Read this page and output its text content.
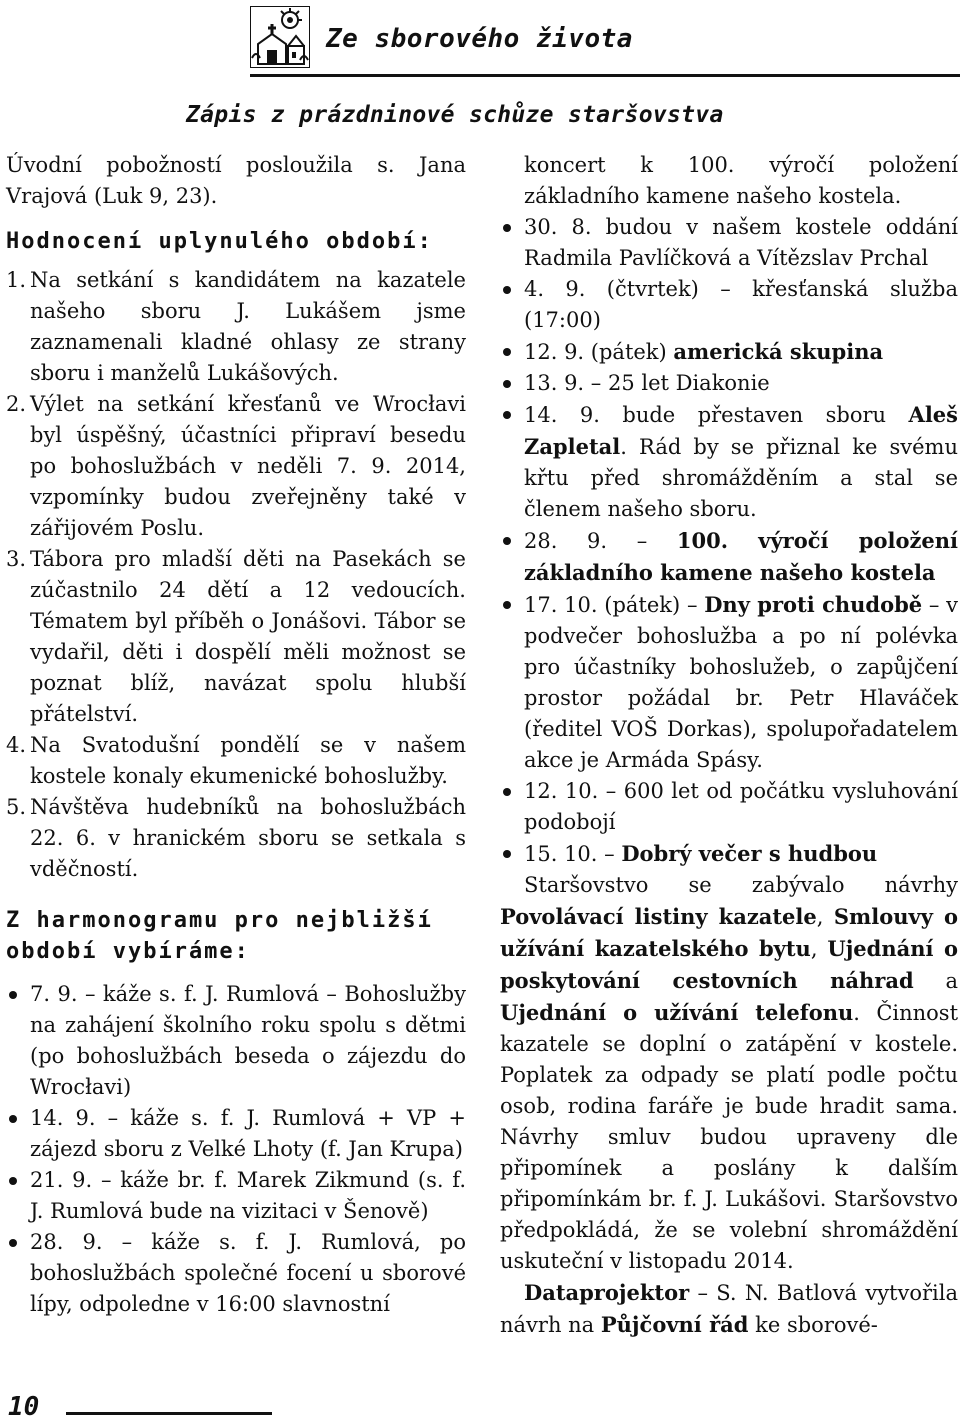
Ze sborového života
Zápis z prázdninové schůze staršovstva

Úvodní pobožností posloužila s. Jana Vrajová (Luk 9, 23).

Hodnocení uplynulého období:
1. Na setkání s kandidátem na kazatele našeho sboru J. Lukášem jsme zaznamenali kladné ohlasy ze strany sboru i manželů Lukášových.
2. Výlet na setkání křesťanů ve Wrocłavi byl úspěšný, účastníci připraví besedu po bohoslužbách v neděli 7. 9. 2014, vzpomínky budou zveřejněny také v zářijovém Poslu.
3. Tábora pro mladší děti na Pasekách se zúčastnilo 24 dětí a 12 vedoucích. Tématem byl příběh o Jonášovi. Tábor se vydařil, děti i dospělí měli možnost se poznat blíž, navázat spolu hlubší přátelství.
4. Na Svatodušní pondělí se v našem kostele konaly ekumenické bohoslužby.
5. Návštěva hudebníků na bohoslužbách 22. 6. v hranickém sboru se setkala s vděčností.
Z harmonogramu pro nejbližší období vybíráme:
7. 9. – káže s. f. J. Rumlová – Bohoslužby na zahájení školního roku spolu s dětmi (po bohoslužbách beseda o zájezdu do Wrocłavi)
14. 9. – káže s. f. J. Rumlová + VP + zájezd sboru z Velké Lhoty (f. Jan Krupa)
21. 9. – káže br. f. Marek Zikmund (s. f. J. Rumlová bude na vizitaci v Šenově)
28. 9. – káže s. f. J. Rumlová, po bohoslužbách společné focení u sborové lípy, odpoledne v 16:00 slavnostní

koncert k 100. výročí položení základního kamene našeho kostela.

30. 8. budou v našem kostele oddání Radmila Pavlíčková a Vítězslav Prchal
4. 9. (čtvrtek) – křesťanská služba (17:00)
12. 9. (pátek) americká skupina
13. 9. – 25 let Diakonie
14. 9. bude přestaven sboru Aleš Zapletal. Rád by se přiznal ke svému křtu před shromážděním a stal se členem našeho sboru.
28. 9. – 100. výročí položení základního kamene našeho kostela
17. 10. (pátek) – Dny proti chudobě – v podvečer bohoslužba a po ní polévka pro účastníky bohoslužeb, o zapůjčení prostor požádal br. Petr Hlaváček (ředitel VOŠ Dorkas), spolupořadatelem akce je Armáda Spásy.
12. 10. – 600 let od počátku vysluhování podobojí
15. 10. – Dobrý večer s hudbou

Staršovstvo se zabývalo návrhy Povolávací listiny kazatele, Smlouvy o užívání kazatelského bytu, Ujednání o poskytování cestovních náhrad a Ujednání o užívání telefonu. Činnost kazatele se doplní o zatápění v kostele. Poplatek za odpady se platí podle počtu osob, rodina faráře je bude hradit sama. Návrhy smluv budou upraveny dle připomínek a poslány k dalším připomínkám br. f. J. Lukášovi. Staršovstvo předpokládá, že se volební shromáždění uskuteční v listopadu 2014.

Dataprojektor – S. N. Batlová vytvořila návrh na Půjčovní řád ke sborové-

10
